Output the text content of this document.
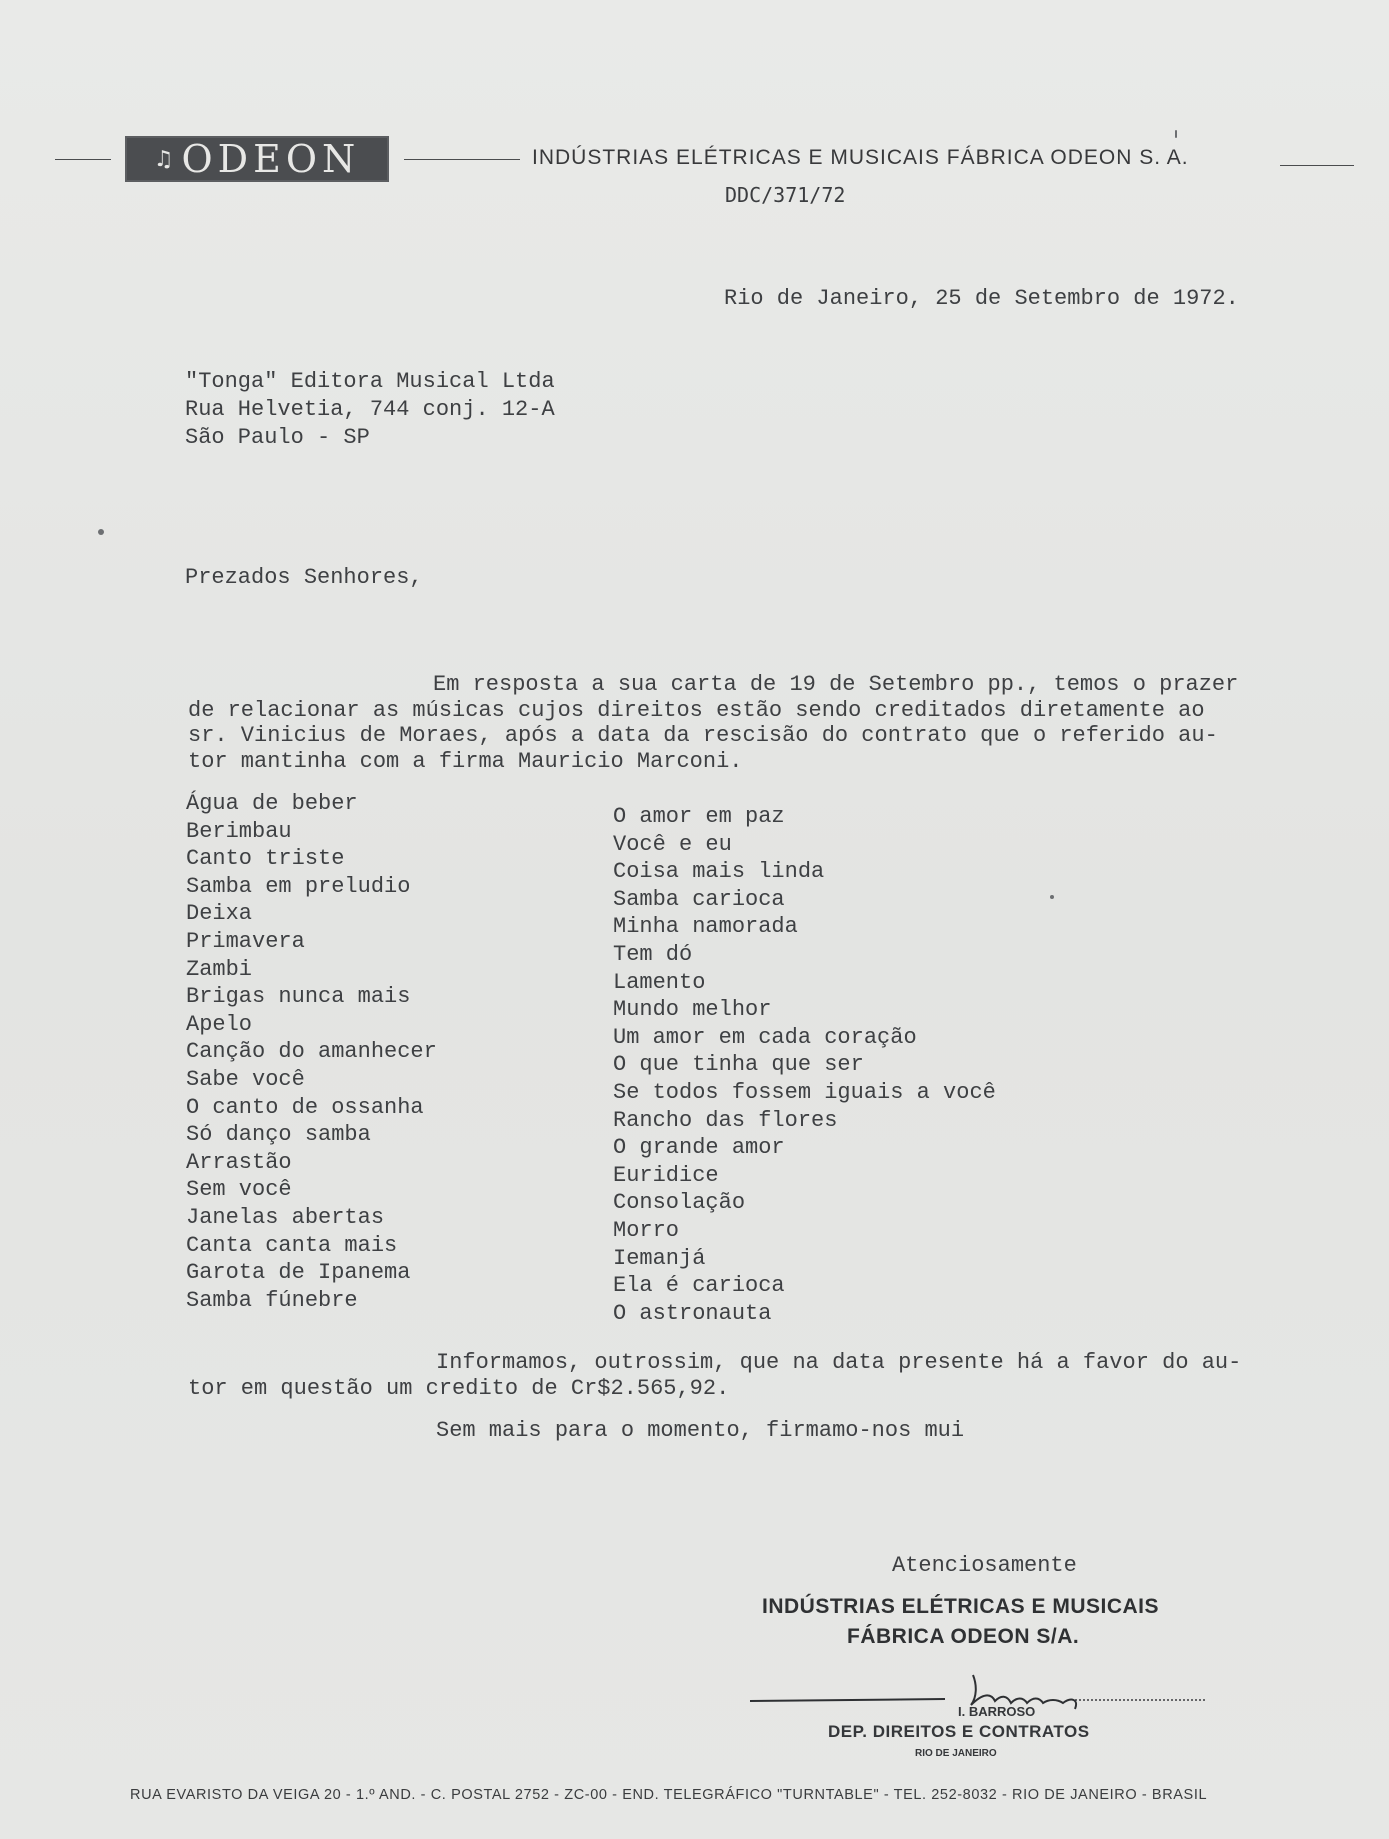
♫ ODEON	INDÚSTRIAS ELÉTRICAS E MUSICAIS FÁBRICA ODEON S. A.
DDC/371/72
Rio de Janeiro, 25 de Setembro de 1972.
"Tonga" Editora Musical Ltda
Rua Helvetia, 744 conj. 12-A
São Paulo - SP
Prezados Senhores,
Em resposta a sua carta de 19 de Setembro pp., temos o prazer
de relacionar as músicas cujos direitos estão sendo creditados diretamente ao
sr. Vinicius de Moraes, após a data da rescisão do contrato que o referido au-
tor mantinha com a firma Mauricio Marconi.
Água de beber
Berimbau
Canto triste
Samba em preludio
Deixa
Primavera
Zambi
Brigas nunca mais
Apelo
Canção do amanhecer
Sabe você
O canto de ossanha
Só danço samba
Arrastão
Sem você
Janelas abertas
Canta canta mais
Garota de Ipanema
Samba fúnebre
O amor em paz
Você e eu
Coisa mais linda
Samba carioca
Minha namorada
Tem dó
Lamento
Mundo melhor
Um amor em cada coração
O que tinha que ser
Se todos fossem iguais a você
Rancho das flores
O grande amor
Euridice
Consolação
Morro
Iemanjá
Ela é carioca
O astronauta
Informamos, outrossim, que na data presente há a favor do au-
tor em questão um credito de Cr$2.565,92.
Sem mais para o momento, firmamo-nos mui
Atenciosamente
INDÚSTRIAS ELÉTRICAS E MUSICAIS
FÁBRICA ODEON S/A.
I. BARROSO
DEP. DIREITOS E CONTRATOS
RIO DE JANEIRO
RUA EVARISTO DA VEIGA 20 - 1.º AND. - C. POSTAL 2752 - ZC-00 - END. TELEGRÁFICO "TURNTABLE" - TEL. 252-8032 - RIO DE JANEIRO - BRASIL
